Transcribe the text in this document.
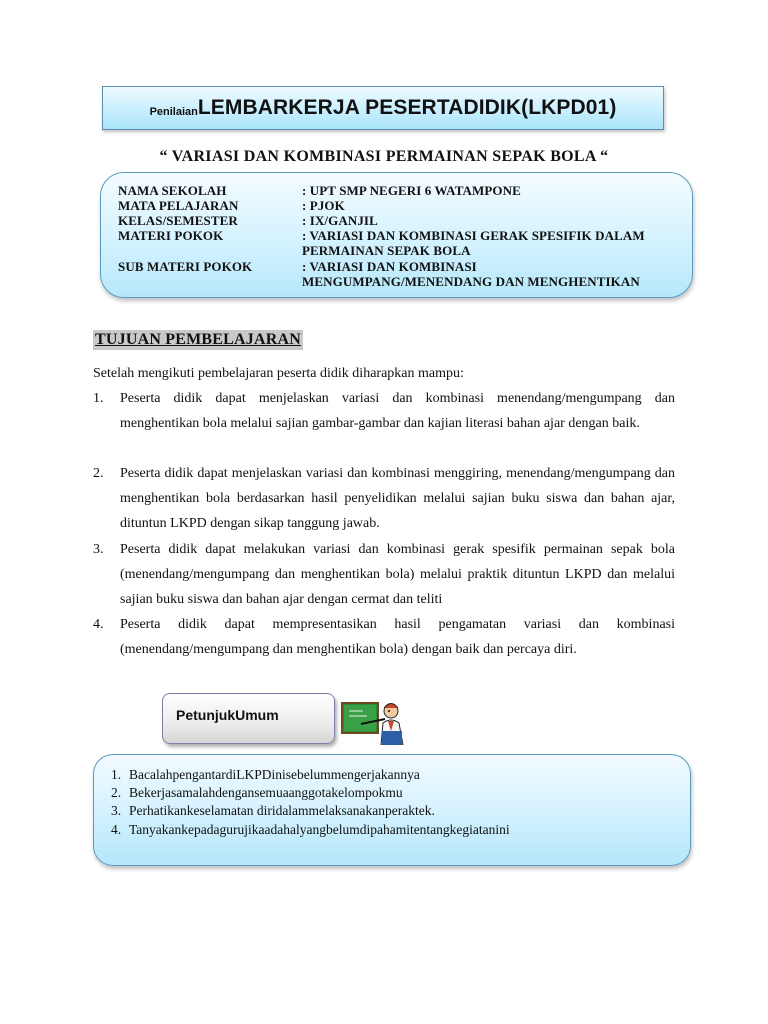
Penilaian LEMBARKERJA PESERTADIDIK(LKPD01)
“ VARIASI DAN KOMBINASI PERMAINAN SEPAK BOLA “
NAMA SEKOLAH	: UPT SMP NEGERI 6 WATAMPONE
MATA PELAJARAN	: PJOK
KELAS/SEMESTER	: IX/GANJIL
MATERI POKOK	: VARIASI DAN KOMBINASI GERAK SPESIFIK DALAM
PERMAINAN SEPAK BOLA
SUB MATERI POKOK	: VARIASI DAN KOMBINASI
MENGUMPANG/MENENDANG DAN MENGHENTIKAN
TUJUAN PEMBELAJARAN
Setelah mengikuti pembelajaran peserta didik diharapkan mampu:
1. Peserta didik dapat menjelaskan variasi dan kombinasi menendang/mengumpang dan menghentikan bola melalui sajian gambar-gambar dan kajian literasi bahan ajar dengan baik.
2. Peserta didik dapat menjelaskan variasi dan kombinasi menggiring, menendang/mengumpang dan menghentikan bola berdasarkan hasil penyelidikan melalui sajian buku siswa dan bahan ajar, dituntun LKPD dengan sikap tanggung jawab.
3. Peserta didik dapat melakukan variasi dan kombinasi gerak spesifik permainan sepak bola (menendang/mengumpang dan menghentikan bola) melalui praktik dituntun LKPD dan melalui sajian buku siswa dan bahan ajar dengan cermat dan teliti
4. Peserta didik dapat mempresentasikan hasil pengamatan variasi dan kombinasi (menendang/mengumpang dan menghentikan bola) dengan baik dan percaya diri.
PetunjukUmum
1. BacalahpengantardiLKPDinisebelummengerjakannya
2. Bekerjasamalahdengansemuaanggotakelompokmu
3. Perhatikankeselamatan diridalammelaksanakanperaktek.
4. Tanyakankepadagurujikaadahalyangbelumdipahamitentangkegiatanini
